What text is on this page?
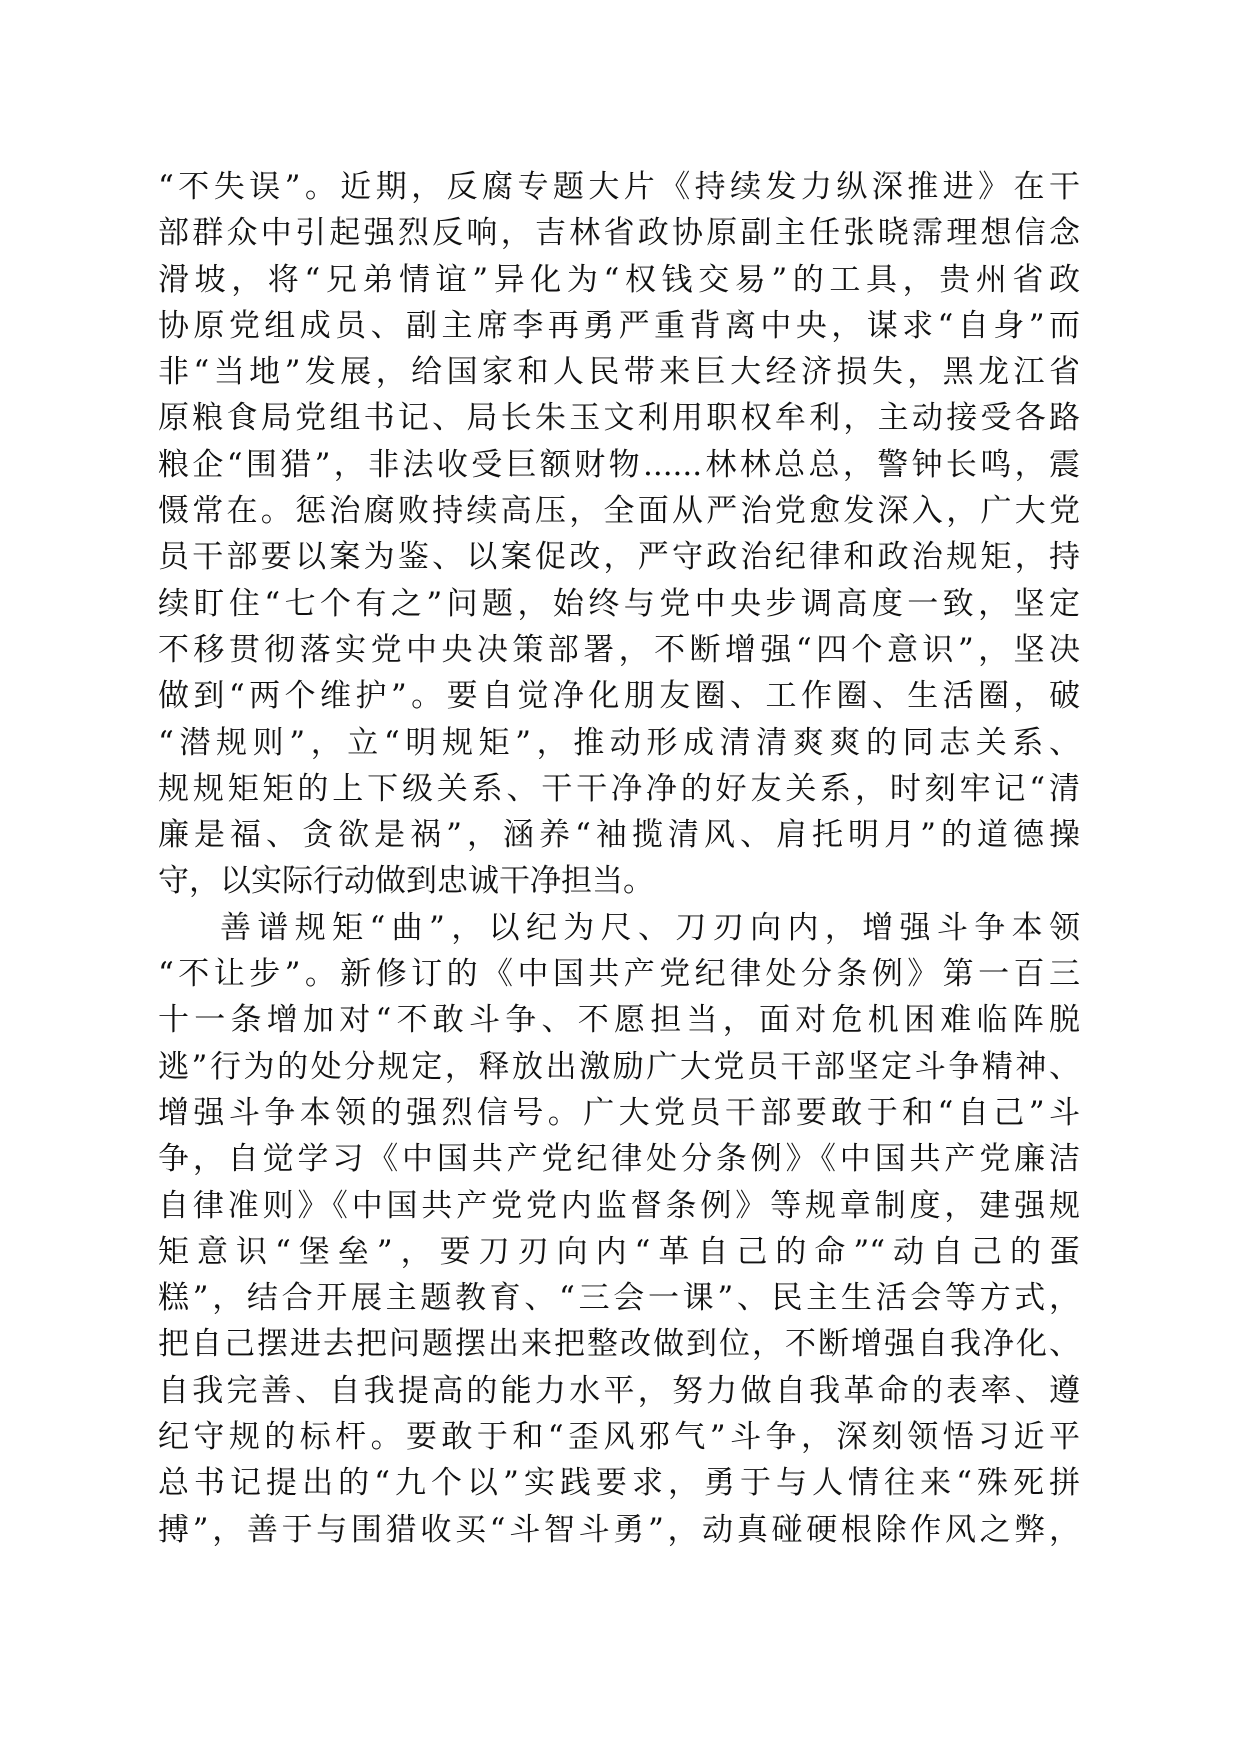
“不失误”。近期，反腐专题大片《持续发力纵深推进》在干
部群众中引起强烈反响，吉林省政协原副主任张晓霈理想信念
滑坡，将“兄弟情谊”异化为“权钱交易”的工具，贵州省政
协原党组成员、副主席李再勇严重背离中央，谋求“自身”而
非“当地”发展，给国家和人民带来巨大经济损失，黑龙江省
原粮食局党组书记、局长朱玉文利用职权牟利，主动接受各路
粮企“围猎”，非法收受巨额财物......林林总总，警钟长鸣，震
慑常在。惩治腐败持续高压，全面从严治党愈发深入，广大党
员干部要以案为鉴、以案促改，严守政治纪律和政治规矩，持
续盯住“七个有之”问题，始终与党中央步调高度一致，坚定
不移贯彻落实党中央决策部署，不断增强“四个意识”，坚决
做到“两个维护”。要自觉净化朋友圈、工作圈、生活圈，破
“潜规则”，立“明规矩”，推动形成清清爽爽的同志关系、
规规矩矩的上下级关系、干干净净的好友关系，时刻牢记“清
廉是福、贪欲是祸”，涵养“袖揽清风、肩托明月”的道德操
守，以实际行动做到忠诚干净担当。
善谱规矩“曲”，以纪为尺、刀刃向内，增强斗争本领
“不让步”。新修订的《中国共产党纪律处分条例》第一百三
十一条增加对“不敢斗争、不愿担当，面对危机困难临阵脱
逃”行为的处分规定，释放出激励广大党员干部坚定斗争精神、
增强斗争本领的强烈信号。广大党员干部要敢于和“自己”斗
争，自觉学习《中国共产党纪律处分条例》《中国共产党廉洁
自律准则》《中国共产党党内监督条例》等规章制度，建强规
矩意识“堡垒”，要刀刃向内“革自己的命”“动自己的蛋
糕”，结合开展主题教育、“三会一课”、民主生活会等方式，
把自己摆进去把问题摆出来把整改做到位，不断增强自我净化、
自我完善、自我提高的能力水平，努力做自我革命的表率、遵
纪守规的标杆。要敢于和“歪风邪气”斗争，深刻领悟习近平
总书记提出的“九个以”实践要求，勇于与人情往来“殊死拼
搏”，善于与围猎收买“斗智斗勇”，动真碰硬根除作风之弊，
